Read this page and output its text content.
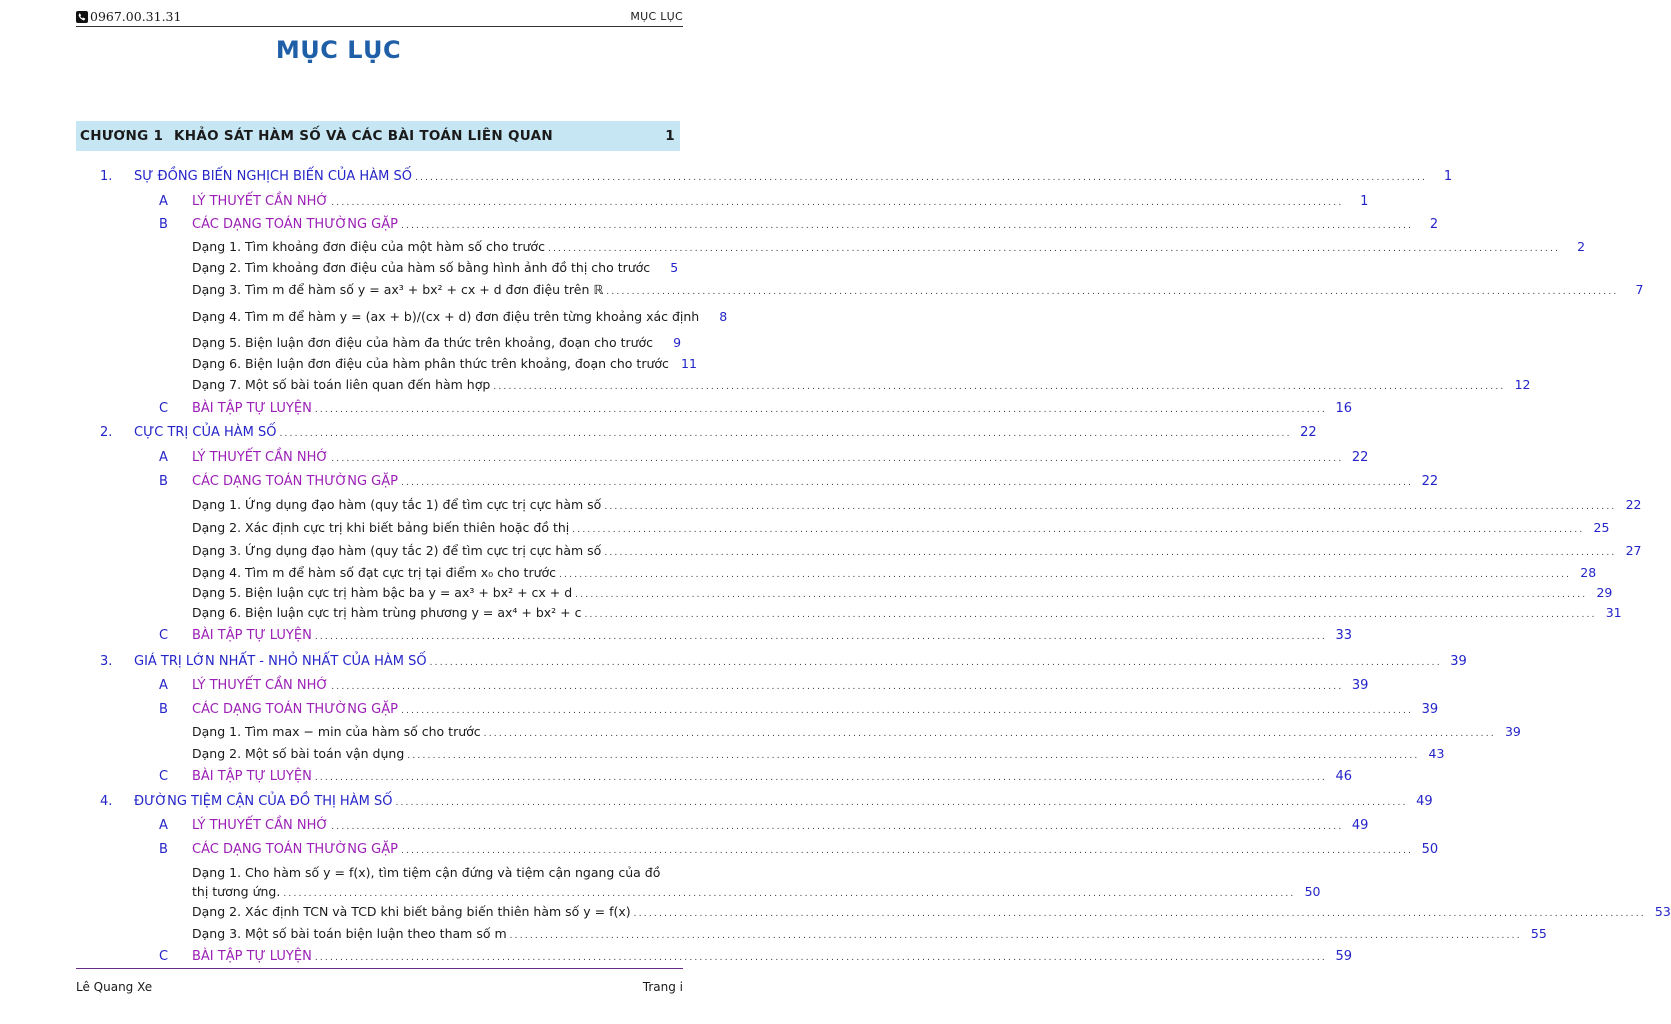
0967.00.31.31	MỤC LỤC
MỤC LỤC
CHƯƠNG 1 KHẢO SÁT HÀM SỐ VÀ CÁC BÀI TOÁN LIÊN QUAN	1
1. SỰ ĐỒNG BIẾN NGHỊCH BIẾN CỦA HÀM SỐ ........................................................................................................................................................................................................	1
A LÝ THUYẾT CẦN NHỚ ........................................................................................................................................................................................................	1
B CÁC DẠNG TOÁN THƯỜNG GẶP ........................................................................................................................................................................................................	2
Dạng 1. Tìm khoảng đơn điệu của một hàm số cho trước ........................................................................................................................................................................................................	2
Dạng 2. Tìm khoảng đơn điệu của hàm số bằng hình ảnh đồ thị cho trước	5
Dạng 3. Tìm m để hàm số y = ax³ + bx² + cx + d đơn điệu trên ℝ ........................................................................................................................................................................................................	7
Dạng 4. Tìm m để hàm y = (ax + b)/(cx + d) đơn điệu trên từng khoảng xác định	8
Dạng 5. Biện luận đơn điệu của hàm đa thức trên khoảng, đoạn cho trước	9
Dạng 6. Biện luận đơn điệu của hàm phân thức trên khoảng, đoạn cho trước 11
Dạng 7. Một số bài toán liên quan đến hàm hợp ........................................................................................................................................................................................................ 12
C BÀI TẬP TỰ LUYỆN ........................................................................................................................................................................................................ 16
2. CỰC TRỊ CỦA HÀM SỐ ........................................................................................................................................................................................................ 22
A LÝ THUYẾT CẦN NHỚ ........................................................................................................................................................................................................ 22
B CÁC DẠNG TOÁN THƯỜNG GẶP ........................................................................................................................................................................................................ 22
Dạng 1. Ứng dụng đạo hàm (quy tắc 1) để tìm cực trị cực hàm số ........................................................................................................................................................................................................ 22
Dạng 2. Xác định cực trị khi biết bảng biến thiên hoặc đồ thị ........................................................................................................................................................................................................ 25
Dạng 3. Ứng dụng đạo hàm (quy tắc 2) để tìm cực trị cực hàm số ........................................................................................................................................................................................................ 27
Dạng 4. Tìm m để hàm số đạt cực trị tại điểm x₀ cho trước ........................................................................................................................................................................................................ 28
Dạng 5. Biện luận cực trị hàm bậc ba y = ax³ + bx² + cx + d ........................................................................................................................................................................................................ 29
Dạng 6. Biện luận cực trị hàm trùng phương y = ax⁴ + bx² + c ........................................................................................................................................................................................................ 31
C BÀI TẬP TỰ LUYỆN ........................................................................................................................................................................................................ 33
3. GIÁ TRỊ LỚN NHẤT - NHỎ NHẤT CỦA HÀM SỐ ........................................................................................................................................................................................................ 39
A LÝ THUYẾT CẦN NHỚ ........................................................................................................................................................................................................ 39
B CÁC DẠNG TOÁN THƯỜNG GẶP ........................................................................................................................................................................................................ 39
Dạng 1. Tìm max − min của hàm số cho trước ........................................................................................................................................................................................................ 39
Dạng 2. Một số bài toán vận dụng ........................................................................................................................................................................................................ 43
C BÀI TẬP TỰ LUYỆN ........................................................................................................................................................................................................ 46
4. ĐƯỜNG TIỆM CẬN CỦA ĐỒ THỊ HÀM SỐ ........................................................................................................................................................................................................ 49
A LÝ THUYẾT CẦN NHỚ ........................................................................................................................................................................................................ 49
B CÁC DẠNG TOÁN THƯỜNG GẶP ........................................................................................................................................................................................................ 50
Dạng 1. Cho hàm số y = f(x), tìm tiệm cận đứng và tiệm cận ngang của đồ
thị tương ứng. ........................................................................................................................................................................................................ 50
Dạng 2. Xác định TCN và TCD khi biết bảng biến thiên hàm số y = f(x) ........................................................................................................................................................................................................ 53
Dạng 3. Một số bài toán biện luận theo tham số m ........................................................................................................................................................................................................ 55
C BÀI TẬP TỰ LUYỆN ........................................................................................................................................................................................................ 59
Lê Quang Xe	Trang i
